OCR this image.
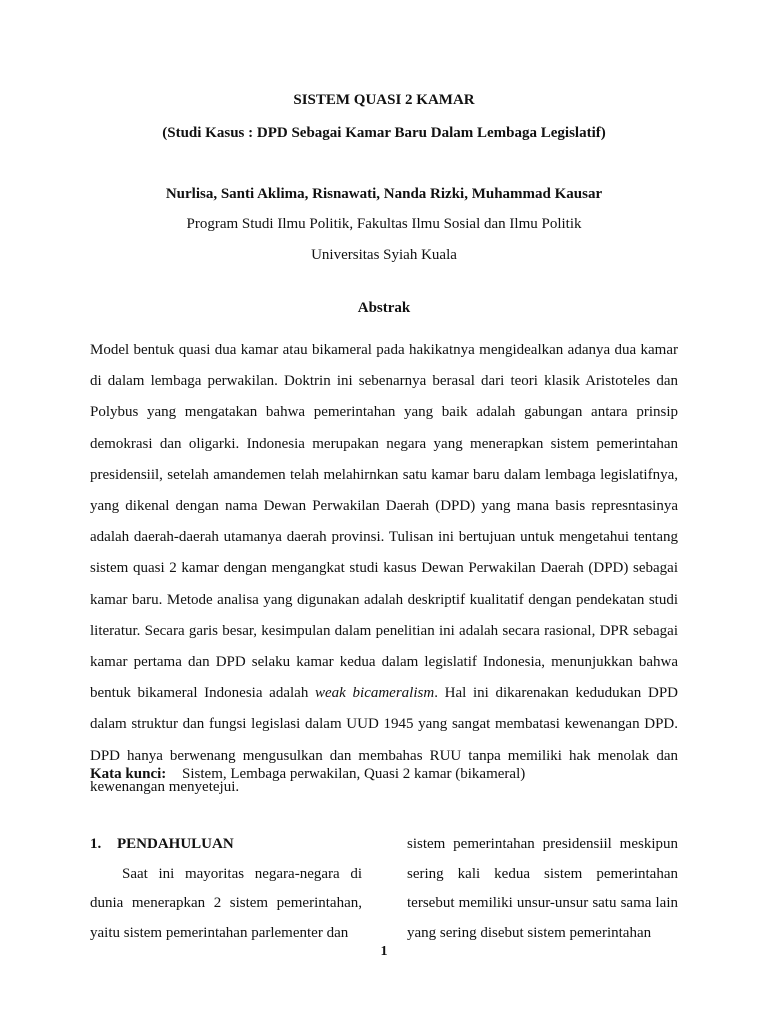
SISTEM QUASI 2 KAMAR
(Studi Kasus : DPD Sebagai Kamar Baru Dalam Lembaga Legislatif)
Nurlisa, Santi Aklima, Risnawati, Nanda Rizki, Muhammad Kausar
Program Studi Ilmu Politik, Fakultas Ilmu Sosial dan Ilmu Politik
Universitas Syiah Kuala
Abstrak

Model bentuk quasi dua kamar atau bikameral pada hakikatnya mengidealkan adanya dua kamar di dalam lembaga perwakilan. Doktrin ini sebenarnya berasal dari teori klasik Aristoteles dan Polybus yang mengatakan bahwa pemerintahan yang baik adalah gabungan antara prinsip demokrasi dan oligarki. Indonesia merupakan negara yang menerapkan sistem pemerintahan presidensiil, setelah amandemen telah melahirnkan satu kamar baru dalam lembaga legislatifnya, yang dikenal dengan nama Dewan Perwakilan Daerah (DPD) yang mana basis represntasinya adalah daerah-daerah utamanya daerah provinsi. Tulisan ini bertujuan untuk mengetahui tentang sistem quasi 2 kamar dengan mengangkat studi kasus Dewan Perwakilan Daerah (DPD) sebagai kamar baru. Metode analisa yang digunakan adalah deskriptif kualitatif dengan pendekatan studi literatur. Secara garis besar, kesimpulan dalam penelitian ini adalah secara rasional, DPR sebagai kamar pertama dan DPD selaku kamar kedua dalam legislatif Indonesia, menunjukkan bahwa bentuk bikameral Indonesia adalah weak bicameralism. Hal ini dikarenakan kedudukan DPD dalam struktur dan fungsi legislasi dalam UUD 1945 yang sangat membatasi kewenangan DPD. DPD hanya berwenang mengusulkan dan membahas RUU tanpa memiliki hak menolak dan kewenangan menyetejui.

Kata kunci: Sistem, Lembaga perwakilan, Quasi 2 kamar (bikameral)
1. PENDAHULUAN

Saat ini mayoritas negara-negara di dunia menerapkan 2 sistem pemerintahan, yaitu sistem pemerintahan parlementer dan

sistem pemerintahan presidensiil meskipun sering kali kedua sistem pemerintahan tersebut memiliki unsur-unsur satu sama lain yang sering disebut sistem pemerintahan

1
